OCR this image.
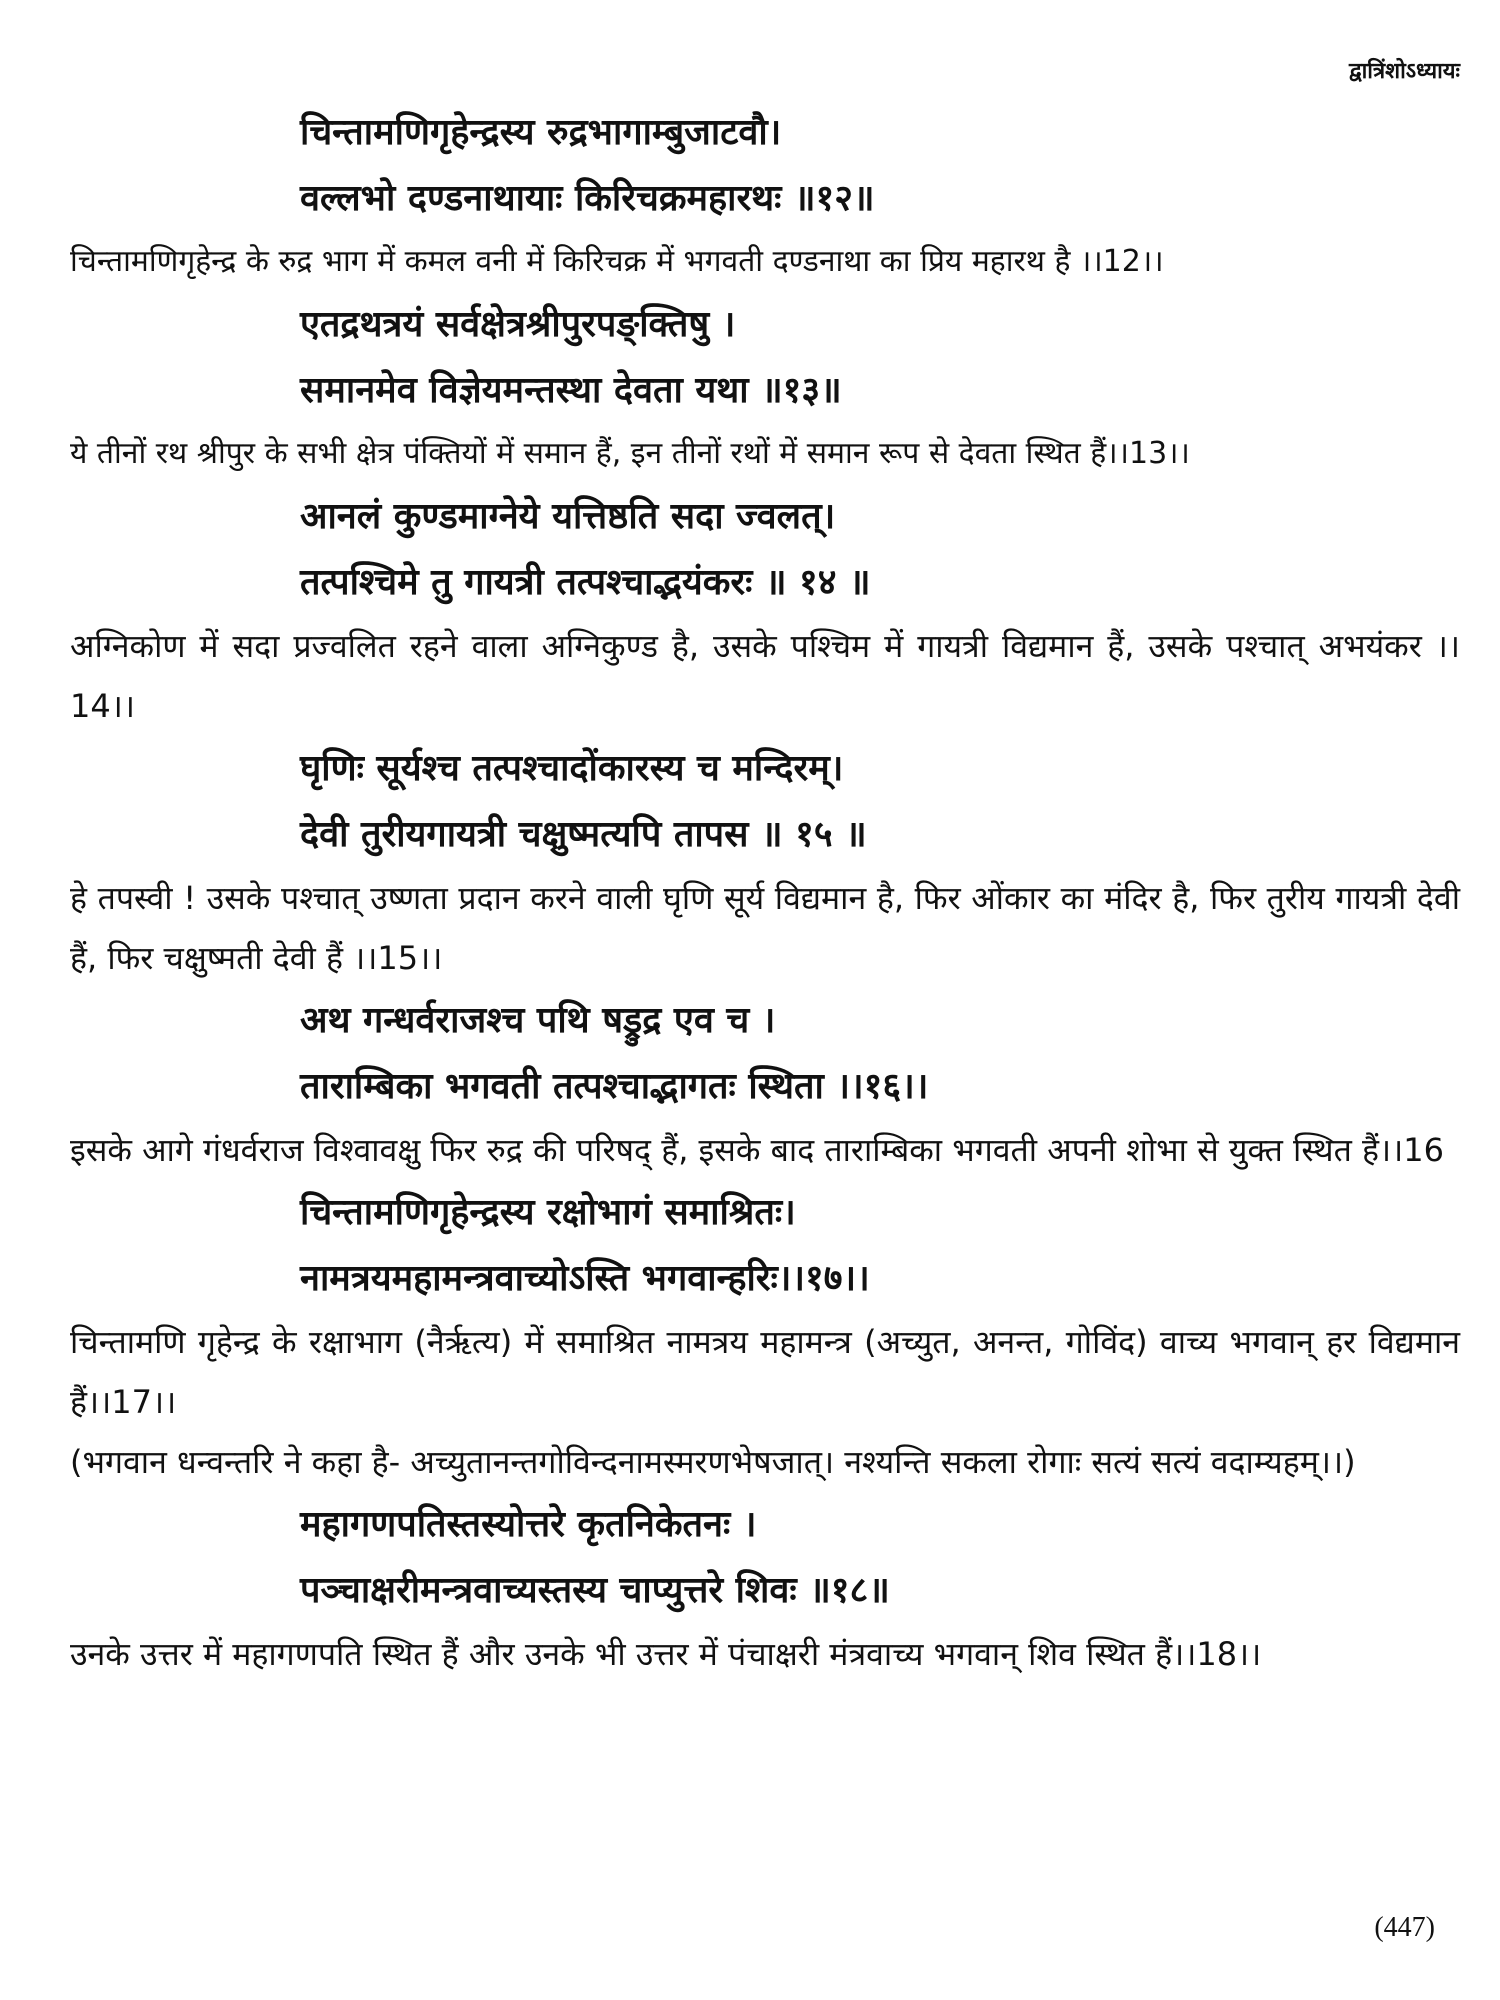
द्वात्रिंशोऽध्यायः
चिन्तामणिगृहेन्द्रस्य रुद्रभागाम्बुजाटवौ।
वल्लभो दण्डनाथायाः किरिचक्रमहारथः ॥१२॥
चिन्तामणिगृहेन्द्र के रुद्र भाग में कमल वनी में किरिचक्र में भगवती दण्डनाथा का प्रिय महारथ है ।।12।।
एतद्रथत्रयं सर्वक्षेत्रश्रीपुरपङ्क्तिषु ।
समानमेव विज्ञेयमन्तस्था देवता यथा ॥१३॥
ये तीनों रथ श्रीपुर के सभी क्षेत्र पंक्तियों में समान हैं, इन तीनों रथों में समान रूप से देवता स्थित हैं।।13।।
आनलं कुण्डमाग्नेये यत्तिष्ठति सदा ज्वलत्।
तत्पश्चिमे तु गायत्री तत्पश्चाद्भयंकरः ॥ १४ ॥
अग्निकोण में सदा प्रज्वलित रहने वाला अग्निकुण्ड है, उसके पश्चिम में गायत्री विद्यमान हैं, उसके पश्चात् अभयंकर ।।14।।
घृणिः सूर्यश्च तत्पश्चादोंकारस्य च मन्दिरम्।
देवी तुरीयगायत्री चक्षुष्मत्यपि तापस ॥ १५ ॥
हे तपस्वी ! उसके पश्चात् उष्णता प्रदान करने वाली घृणि सूर्य विद्यमान है, फिर ओंकार का मंदिर है, फिर तुरीय गायत्री देवी हैं, फिर चक्षुष्मती देवी हैं ।।15।।
अथ गन्धर्वराजश्च पथि षड्रुद्र एव च ।
ताराम्बिका भगवती तत्पश्चाद्भागतः स्थिता ।।१६।।
इसके आगे गंधर्वराज विश्वावक्षु फिर रुद्र की परिषद् हैं, इसके बाद ताराम्बिका भगवती अपनी शोभा से युक्त स्थित हैं।।16
चिन्तामणिगृहेन्द्रस्य रक्षोभागं समाश्रितः।
नामत्रयमहामन्त्रवाच्योऽस्ति भगवान्हरिः।।१७।।
चिन्तामणि गृहेन्द्र के रक्षाभाग (नैर्ऋत्य) में समाश्रित नामत्रय महामन्त्र (अच्युत, अनन्त, गोविंद) वाच्य भगवान् हर विद्यमान हैं।।17।।
(भगवान धन्वन्तरि ने कहा है- अच्युतानन्तगोविन्दनामस्मरणभेषजात्। नश्यन्ति सकला रोगाः सत्यं सत्यं वदाम्यहम्।।)
महागणपतिस्तस्योत्तरे कृतनिकेतनः ।
पञ्चाक्षरीमन्त्रवाच्यस्तस्य चाप्युत्तरे शिवः ॥१८॥
उनके उत्तर में महागणपति स्थित हैं और उनके भी उत्तर में पंचाक्षरी मंत्रवाच्य भगवान् शिव स्थित हैं।।18।।
(447)
